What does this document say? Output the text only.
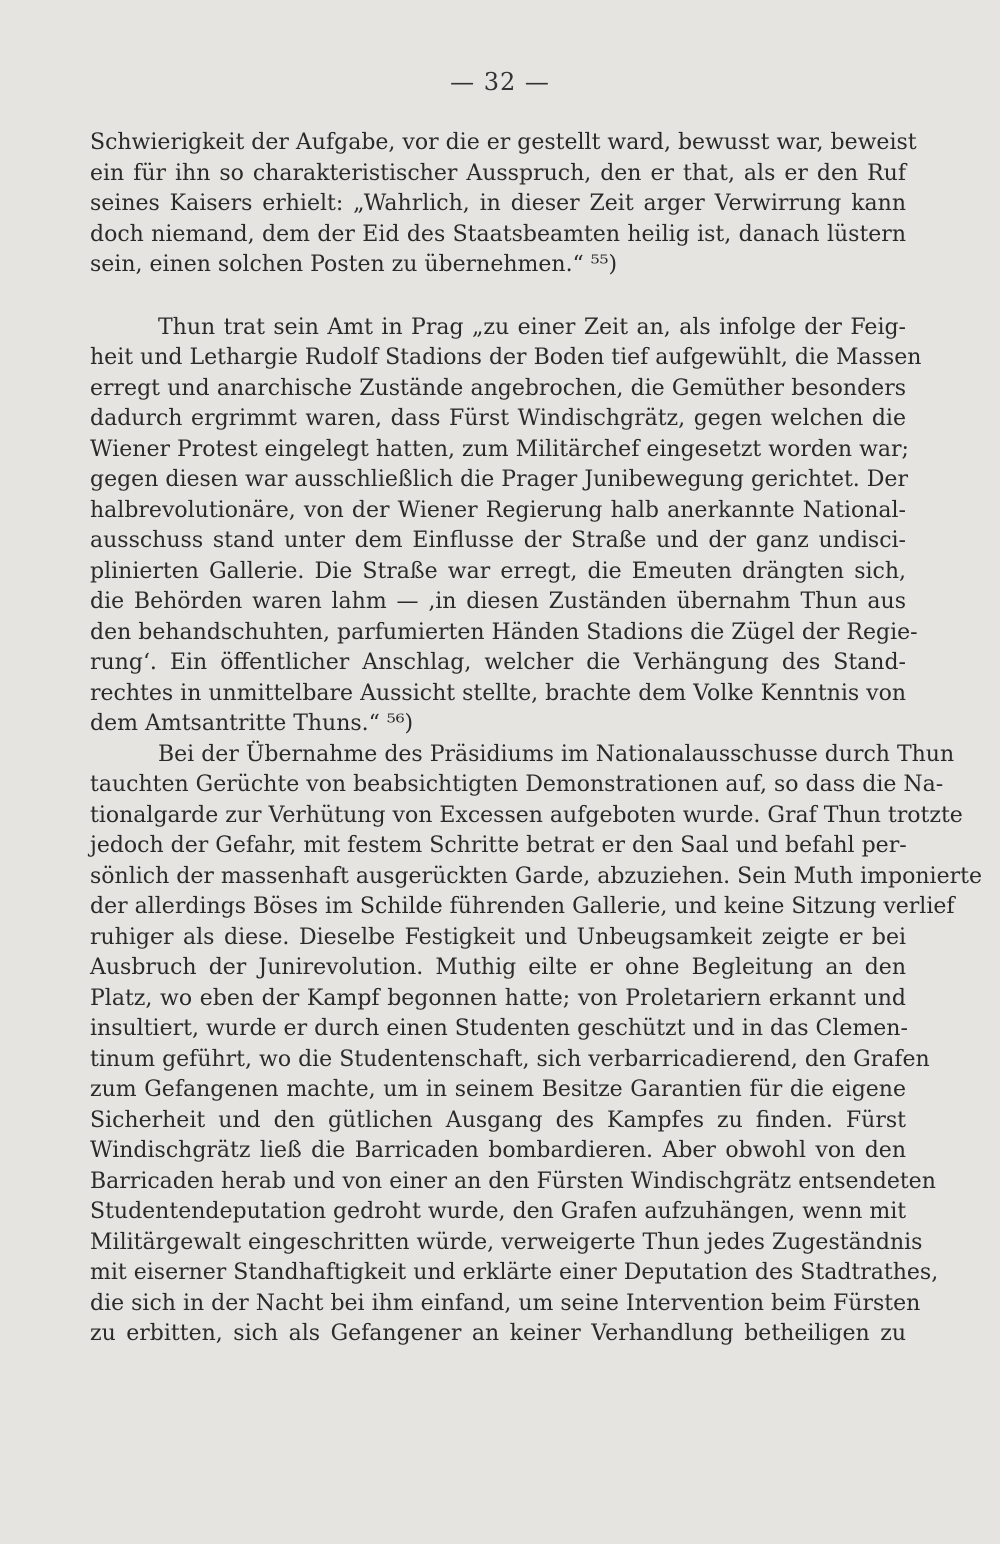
— 32 —
Schwierigkeit der Aufgabe, vor die er gestellt ward, bewusst war, beweist
ein für ihn so charakteristischer Ausspruch, den er that, als er den Ruf
seines Kaisers erhielt: „Wahrlich, in dieser Zeit arger Verwirrung kann
doch niemand, dem der Eid des Staatsbeamten heilig ist, danach lüstern
sein, einen solchen Posten zu übernehmen.“ ⁵⁵)
Thun trat sein Amt in Prag „zu einer Zeit an, als infolge der Feig-
heit und Lethargie Rudolf Stadions der Boden tief aufgewühlt, die Massen
erregt und anarchische Zustände angebrochen, die Gemüther besonders
dadurch ergrimmt waren, dass Fürst Windischgrätz, gegen welchen die
Wiener Protest eingelegt hatten, zum Militärchef eingesetzt worden war;
gegen diesen war ausschließlich die Prager Junibewegung gerichtet. Der
halbrevolutionäre, von der Wiener Regierung halb anerkannte National-
ausschuss stand unter dem Einflusse der Straße und der ganz undisci-
plinierten Gallerie. Die Straße war erregt, die Emeuten drängten sich,
die Behörden waren lahm — ‚in diesen Zuständen übernahm Thun aus
den behandschuhten, parfumierten Händen Stadions die Zügel der Regie-
rung‘. Ein öffentlicher Anschlag, welcher die Verhängung des Stand-
rechtes in unmittelbare Aussicht stellte, brachte dem Volke Kenntnis von
dem Amtsantritte Thuns.“ ⁵⁶)
Bei der Übernahme des Präsidiums im Nationalausschusse durch Thun
tauchten Gerüchte von beabsichtigten Demonstrationen auf, so dass die Na-
tionalgarde zur Verhütung von Excessen aufgeboten wurde. Graf Thun trotzte
jedoch der Gefahr, mit festem Schritte betrat er den Saal und befahl per-
sönlich der massenhaft ausgerückten Garde, abzuziehen. Sein Muth imponierte
der allerdings Böses im Schilde führenden Gallerie, und keine Sitzung verlief
ruhiger als diese. Dieselbe Festigkeit und Unbeugsamkeit zeigte er bei
Ausbruch der Junirevolution. Muthig eilte er ohne Begleitung an den
Platz, wo eben der Kampf begonnen hatte; von Proletariern erkannt und
insultiert, wurde er durch einen Studenten geschützt und in das Clemen-
tinum geführt, wo die Studentenschaft, sich verbarricadierend, den Grafen
zum Gefangenen machte, um in seinem Besitze Garantien für die eigene
Sicherheit und den gütlichen Ausgang des Kampfes zu finden. Fürst
Windischgrätz ließ die Barricaden bombardieren. Aber obwohl von den
Barricaden herab und von einer an den Fürsten Windischgrätz entsendeten
Studentendeputation gedroht wurde, den Grafen aufzuhängen, wenn mit
Militärgewalt eingeschritten würde, verweigerte Thun jedes Zugeständnis
mit eiserner Standhaftigkeit und erklärte einer Deputation des Stadtrathes,
die sich in der Nacht bei ihm einfand, um seine Intervention beim Fürsten
zu erbitten, sich als Gefangener an keiner Verhandlung betheiligen zu
